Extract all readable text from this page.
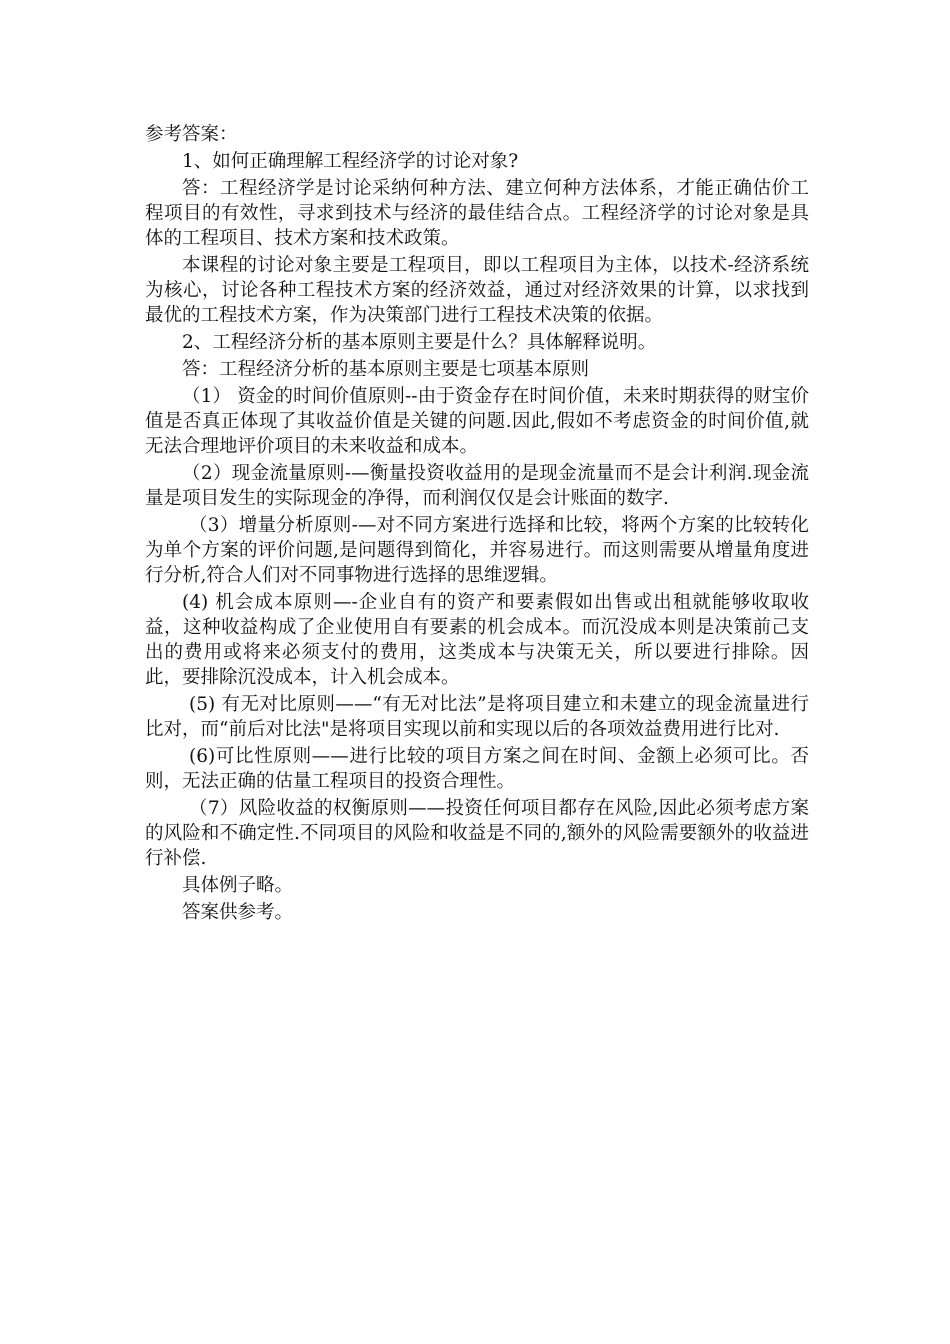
参考答案：

1、如何正确理解工程经济学的讨论对象?

答：工程经济学是讨论采纳何种方法、建立何种方法体系，才能正确估价工程项目的有效性，寻求到技术与经济的最佳结合点。工程经济学的讨论对象是具体的工程项目、技术方案和技术政策。

本课程的讨论对象主要是工程项目，即以工程项目为主体，以技术-经济系统为核心，讨论各种工程技术方案的经济效益，通过对经济效果的计算，以求找到最优的工程技术方案，作为决策部门进行工程技术决策的依据。

2、工程经济分析的基本原则主要是什么？具体解释说明。

答：工程经济分析的基本原则主要是七项基本原则

（1） 资金的时间价值原则--由于资金存在时间价值，未来时期获得的财宝价值是否真正体现了其收益价值是关键的问题.因此,假如不考虑资金的时间价值,就无法合理地评价项目的未来收益和成本。

（2）现金流量原则-—衡量投资收益用的是现金流量而不是会计利润.现金流量是项目发生的实际现金的净得，而利润仅仅是会计账面的数字.

（3）增量分析原则-—对不同方案进行选择和比较，将两个方案的比较转化为单个方案的评价问题,是问题得到简化，并容易进行。而这则需要从增量角度进行分析,符合人们对不同事物进行选择的思维逻辑。

(4) 机会成本原则—-企业自有的资产和要素假如出售或出租就能够收取收益，这种收益构成了企业使用自有要素的机会成本。而沉没成本则是决策前己支出的费用或将来必须支付的费用，这类成本与决策无关，所以要进行排除。因此，要排除沉没成本，计入机会成本。

(5) 有无对比原则——“有无对比法”是将项目建立和未建立的现金流量进行比对，而“前后对比法"是将项目实现以前和实现以后的各项效益费用进行比对.

(6)可比性原则——进行比较的项目方案之间在时间、金额上必须可比。否则，无法正确的估量工程项目的投资合理性。

（7）风险收益的权衡原则——投资任何项目都存在风险,因此必须考虑方案的风险和不确定性.不同项目的风险和收益是不同的,额外的风险需要额外的收益进行补偿.

具体例子略。

答案供参考。
